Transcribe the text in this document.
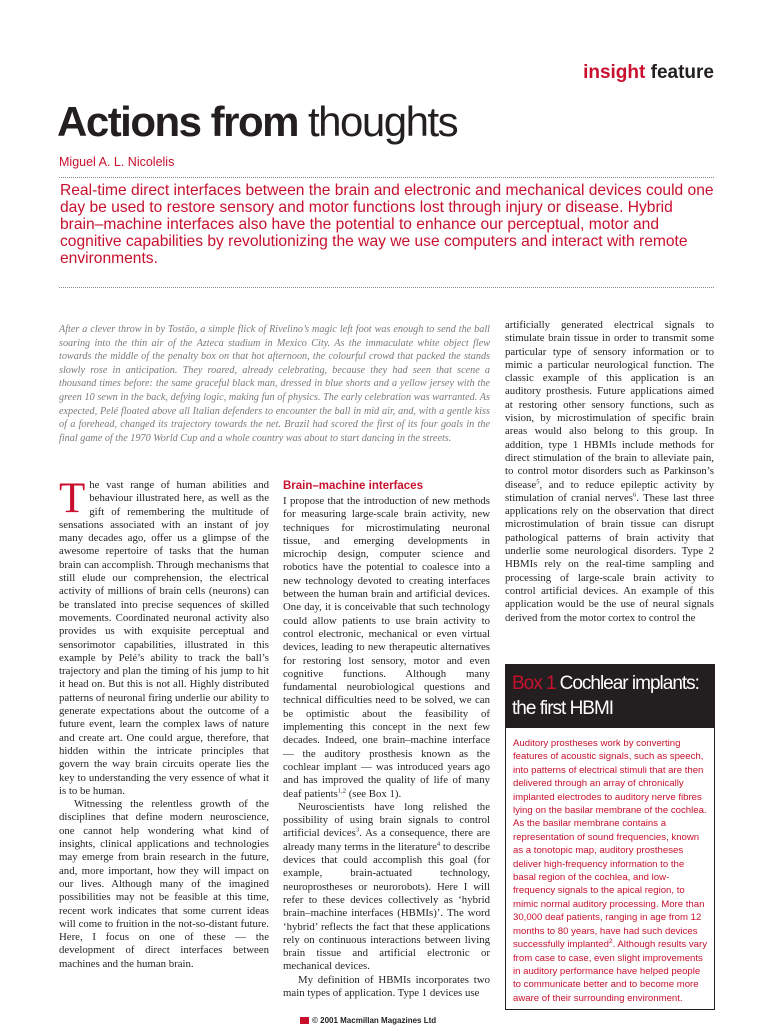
insight feature
Actions from thoughts
Miguel A. L. Nicolelis
Real-time direct interfaces between the brain and electronic and mechanical devices could one day be used to restore sensory and motor functions lost through injury or disease. Hybrid brain–machine interfaces also have the potential to enhance our perceptual, motor and cognitive capabilities by revolutionizing the way we use computers and interact with remote environments.
After a clever throw in by Tostão, a simple flick of Rivelino’s magic left foot was enough to send the ball soaring into the thin air of the Azteca stadium in Mexico City. As the immaculate white object flew towards the middle of the penalty box on that hot afternoon, the colourful crowd that packed the stands slowly rose in anticipation. They roared, already celebrating, because they had seen that scene a thousand times before: the same graceful black man, dressed in blue shorts and a yellow jersey with the green 10 sewn in the back, defying logic, making fun of physics. The early celebration was warranted. As expected, Pelé floated above all Italian defenders to encounter the ball in mid air, and, with a gentle kiss of a forehead, changed its trajectory towards the net. Brazil had scored the first of its four goals in the final game of the 1970 World Cup and a whole country was about to start dancing in the streets.

The vast range of human abilities and behaviour illustrated here, as well as the gift of remembering the multitude of sensations associated with an instant of joy many decades ago, offer us a glimpse of the awesome repertoire of tasks that the human brain can accomplish. Through mechanisms that still elude our comprehension, the electrical activity of millions of brain cells (neurons) can be translated into precise sequences of skilled movements. Coordinated neuronal activity also provides us with exquisite perceptual and sensorimotor capabilities, illustrated in this example by Pelé’s ability to track the ball’s trajectory and plan the timing of his jump to hit it head on. But this is not all. Highly distributed patterns of neuronal firing underlie our ability to generate expectations about the outcome of a future event, learn the complex laws of nature and create art. One could argue, therefore, that hidden within the intricate principles that govern the way brain circuits operate lies the key to understanding the very essence of what it is to be human.

Witnessing the relentless growth of the disciplines that define modern neuroscience, one cannot help wondering what kind of insights, clinical applications and technologies may emerge from brain research in the future, and, more important, how they will impact on our lives. Although many of the imagined possibilities may not be feasible at this time, recent work indicates that some current ideas will come to fruition in the not-so-distant future. Here, I focus on one of these — the development of direct interfaces between machines and the human brain.

Brain–machine interfaces

I propose that the introduction of new methods for measuring large-scale brain activity, new techniques for microstimulating neuronal tissue, and emerging developments in microchip design, computer science and robotics have the potential to coalesce into a new technology devoted to creating interfaces between the human brain and artificial devices. One day, it is conceivable that such technology could allow patients to use brain activity to control electronic, mechanical or even virtual devices, leading to new therapeutic alternatives for restoring lost sensory, motor and even cognitive functions. Although many fundamental neurobiological questions and technical difficulties need to be solved, we can be optimistic about the feasibility of implementing this concept in the next few decades. Indeed, one brain–machine interface — the auditory prosthesis known as the cochlear implant — was introduced years ago and has improved the quality of life of many deaf patients$^{1,2}$ (see Box 1).

Neuroscientists have long relished the possibility of using brain signals to control artificial devices$^3$. As a consequence, there are already many terms in the literature$^4$ to describe devices that could accomplish this goal (for example, brain-actuated technology, neuroprostheses or neurorobots). Here I will refer to these devices collectively as ‘hybrid brain–machine interfaces (HBMIs)’. The word ‘hybrid’ reflects the fact that these applications rely on continuous interactions between living brain tissue and artificial electronic or mechanical devices.

My definition of HBMIs incorporates two main types of application. Type 1 devices use

artificially generated electrical signals to stimulate brain tissue in order to transmit some particular type of sensory information or to mimic a particular neurological function. The classic example of this application is an auditory prosthesis. Future applications aimed at restoring other sensory functions, such as vision, by microstimulation of specific brain areas would also belong to this group. In addition, type 1 HBMIs include methods for direct stimulation of the brain to alleviate pain, to control motor disorders such as Parkinson’s disease$^5$, and to reduce epileptic activity by stimulation of cranial nerves$^6$. These last three applications rely on the observation that direct microstimulation of brain tissue can disrupt pathological patterns of brain activity that underlie some neurological disorders. Type 2 HBMIs rely on the real-time sampling and processing of large-scale brain activity to control artificial devices. An example of this application would be the use of neural signals derived from the motor cortex to control the

Box 1 Cochlear implants: the first HBMI
Auditory prostheses work by converting features of acoustic signals, such as speech, into patterns of electrical stimuli that are then delivered through an array of chronically implanted electrodes to auditory nerve fibres lying on the basilar membrane of the cochlea. As the basilar membrane contains a representation of sound frequencies, known as a tonotopic map, auditory prostheses deliver high-frequency information to the basal region of the cochlea, and low-frequency signals to the apical region, to mimic normal auditory processing. More than 30,000 deaf patients, ranging in age from 12 months to 80 years, have had such devices successfully implanted$^2$. Although results vary from case to case, even slight improvements in auditory performance have helped people to communicate better and to become more aware of their surrounding environment.
© 2001 Macmillan Magazines Ltd
